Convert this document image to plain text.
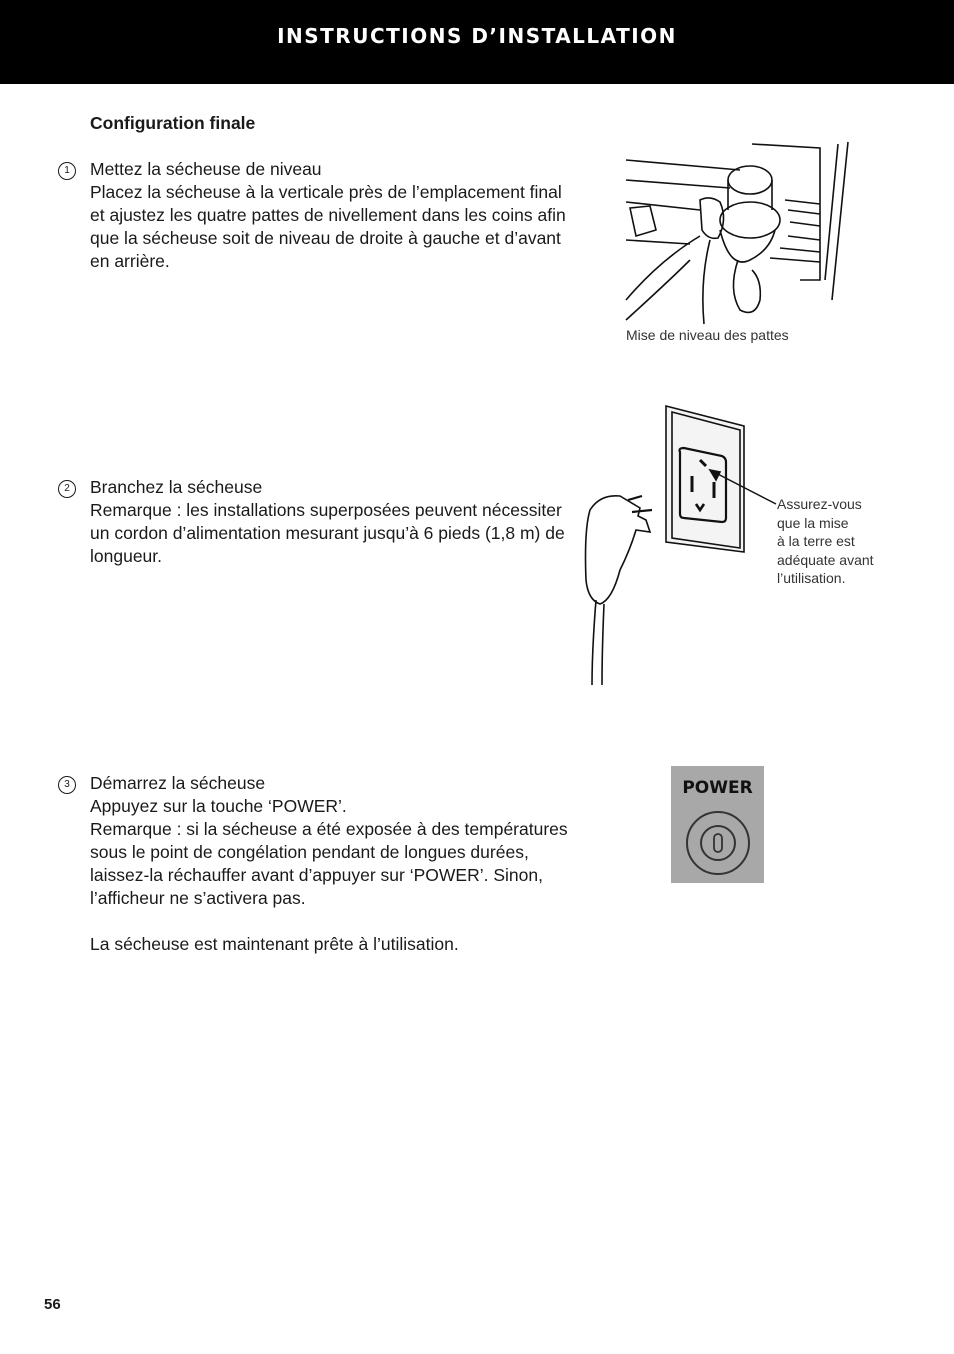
INSTRUCTIONS D’INSTALLATION
Configuration finale
1	Mettez la sécheuse de niveau
Placez la sécheuse à la verticale près de l’emplacement final et ajustez les quatre pattes de nivellement dans les coins afin que la sécheuse soit de niveau de droite à gauche et d’avant en arrière.
Mise de niveau des pattes
2	Branchez la sécheuse
Remarque : les installations superposées peuvent nécessiter un cordon d’alimentation mesurant jusqu’à 6 pieds (1,8 m) de longueur.
Assurez-vous
que la mise
à la terre est
adéquate avant
l’utilisation.
3	Démarrez la sécheuse
Appuyez sur la touche ‘POWER’.
Remarque : si la sécheuse a été exposée à des températures sous le point de congélation pendant de longues durées, laissez-la réchauffer avant d’appuyer sur ‘POWER’. Sinon, l’afficheur ne s’activera pas.
La sécheuse est maintenant prête à l’utilisation.
POWER
56
